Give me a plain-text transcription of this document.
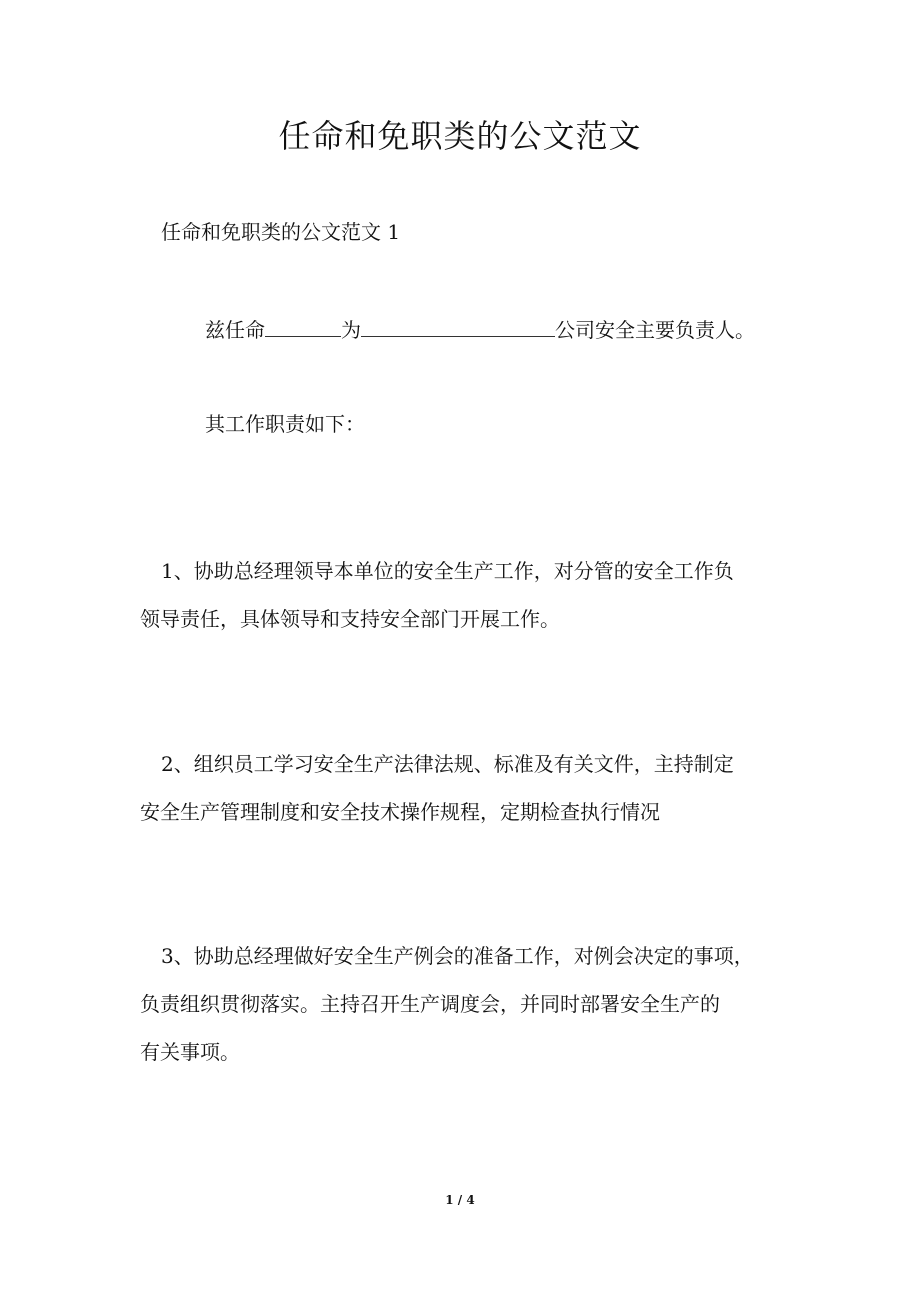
任命和免职类的公文范文
任命和免职类的公文范文 1
兹任命	为	公司安全主要负责人。
其工作职责如下：
1、协助总经理领导本单位的安全生产工作，对分管的安全工作负
领导责任，具体领导和支持安全部门开展工作。
2、组织员工学习安全生产法律法规、标准及有关文件，主持制定
安全生产管理制度和安全技术操作规程，定期检查执行情况
3、协助总经理做好安全生产例会的准备工作，对例会决定的事项，
负责组织贯彻落实。主持召开生产调度会，并同时部署安全生产的
有关事项。
1 / 4
